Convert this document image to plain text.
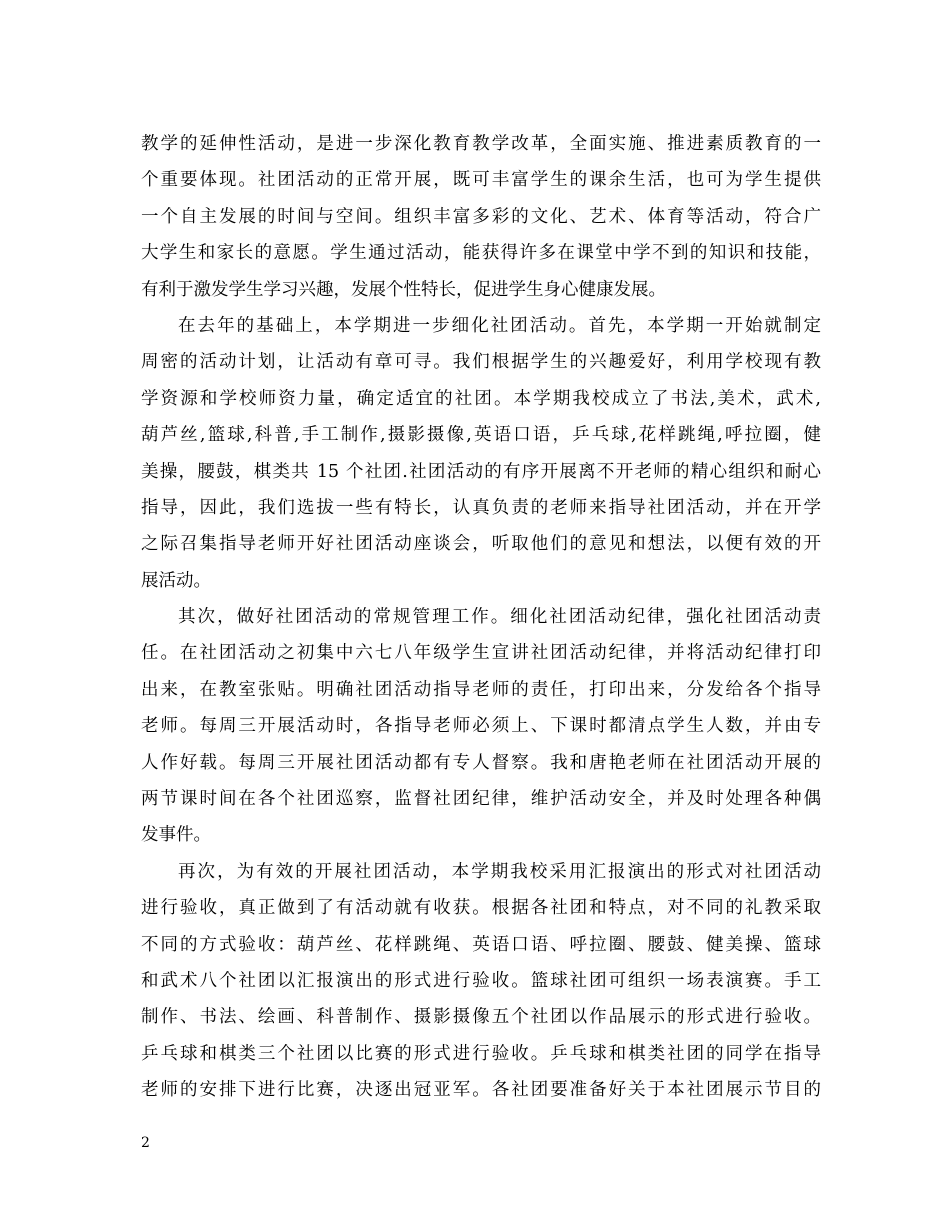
教学的延伸性活动，是进一步深化教育教学改革，全面实施、推进素质教育的一
个重要体现。社团活动的正常开展，既可丰富学生的课余生活，也可为学生提供
一个自主发展的时间与空间。组织丰富多彩的文化、艺术、体育等活动，符合广
大学生和家长的意愿。学生通过活动，能获得许多在课堂中学不到的知识和技能，
有利于激发学生学习兴趣，发展个性特长，促进学生身心健康发展。
在去年的基础上，本学期进一步细化社团活动。首先，本学期一开始就制定
周密的活动计划，让活动有章可寻。我们根据学生的兴趣爱好，利用学校现有教
学资源和学校师资力量，确定适宜的社团。本学期我校成立了书法,美术，武术,
葫芦丝,篮球,科普,手工制作,摄影摄像,英语口语，乒乓球,花样跳绳,呼拉圈，健
美操，腰鼓，棋类共 15 个社团.社团活动的有序开展离不开老师的精心组织和耐心
指导，因此，我们选拔一些有特长，认真负责的老师来指导社团活动，并在开学
之际召集指导老师开好社团活动座谈会，听取他们的意见和想法，以便有效的开
展活动。
其次，做好社团活动的常规管理工作。细化社团活动纪律，强化社团活动责
任。在社团活动之初集中六七八年级学生宣讲社团活动纪律，并将活动纪律打印
出来，在教室张贴。明确社团活动指导老师的责任，打印出来，分发给各个指导
老师。每周三开展活动时，各指导老师必须上、下课时都清点学生人数，并由专
人作好载。每周三开展社团活动都有专人督察。我和唐艳老师在社团活动开展的
两节课时间在各个社团巡察，监督社团纪律，维护活动安全，并及时处理各种偶
发事件。
再次，为有效的开展社团活动，本学期我校采用汇报演出的形式对社团活动
进行验收，真正做到了有活动就有收获。根据各社团和特点，对不同的礼教采取
不同的方式验收：葫芦丝、花样跳绳、英语口语、呼拉圈、腰鼓、健美操、篮球
和武术八个社团以汇报演出的形式进行验收。篮球社团可组织一场表演赛。手工
制作、书法、绘画、科普制作、摄影摄像五个社团以作品展示的形式进行验收。
乒乓球和棋类三个社团以比赛的形式进行验收。乒乓球和棋类社团的同学在指导
老师的安排下进行比赛，决逐出冠亚军。各社团要准备好关于本社团展示节目的
2
